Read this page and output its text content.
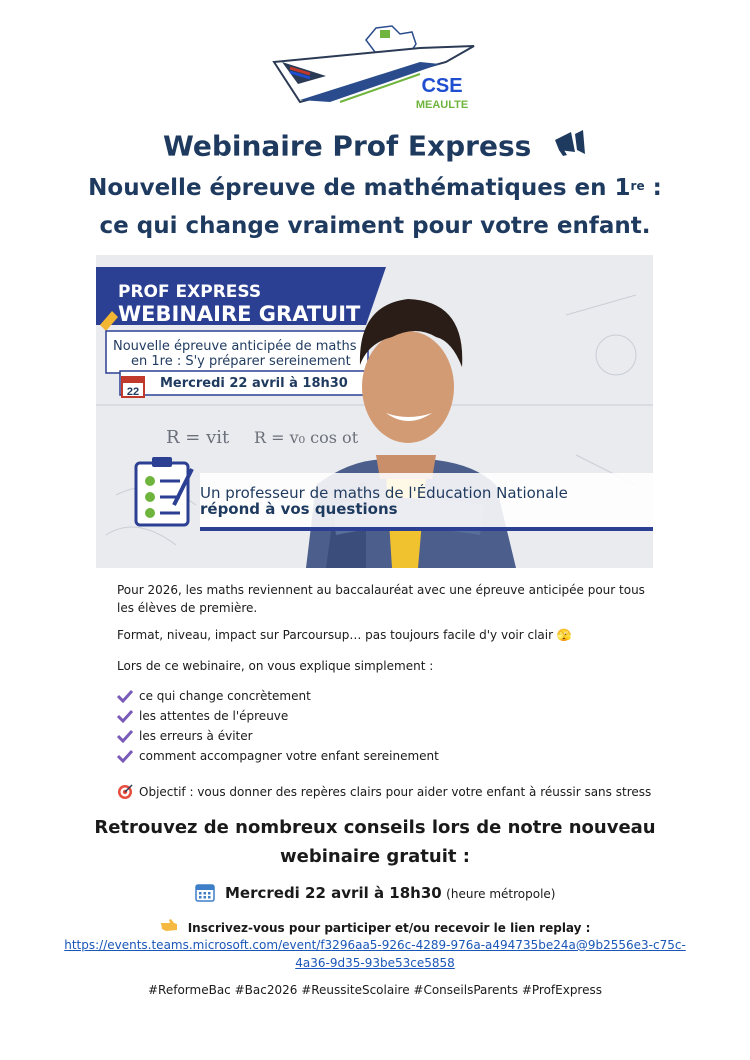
CSE
MEAULTE
Webinaire Prof Express
Nouvelle épreuve de mathématiques en 1re :
ce qui change vraiment pour votre enfant.
22
R = vit R = v₀ cos ot
PROF EXPRESS
WEBINAIRE GRATUIT
Nouvelle épreuve anticipée de maths
en 1re : S'y préparer sereinement
Mercredi 22 avril à 18h30
Un professeur de maths de l'Éducation Nationale
répond à vos questions
Pour 2026, les maths reviennent au baccalauréat avec une épreuve anticipée pour tous les élèves de première.
Format, niveau, impact sur Parcoursup… pas toujours facile d'y voir clair 🫣
Lors de ce webinaire, on vous explique simplement :
ce qui change concrètement
les attentes de l'épreuve
les erreurs à éviter
comment accompagner votre enfant sereinement
Objectif : vous donner des repères clairs pour aider votre enfant à réussir sans stress
Retrouvez de nombreux conseils lors de notre nouveau
webinaire gratuit :
Mercredi 22 avril à 18h30 (heure métropole)
Inscrivez-vous pour participer et/ou recevoir le lien replay :
https://events.teams.microsoft.com/event/f3296aa5-926c-4289-976a-a494735be24a@9b2556e3-c75c-
4a36-9d35-93be53ce5858
#ReformeBac #Bac2026 #ReussiteScolaire #ConseilsParents #ProfExpress
